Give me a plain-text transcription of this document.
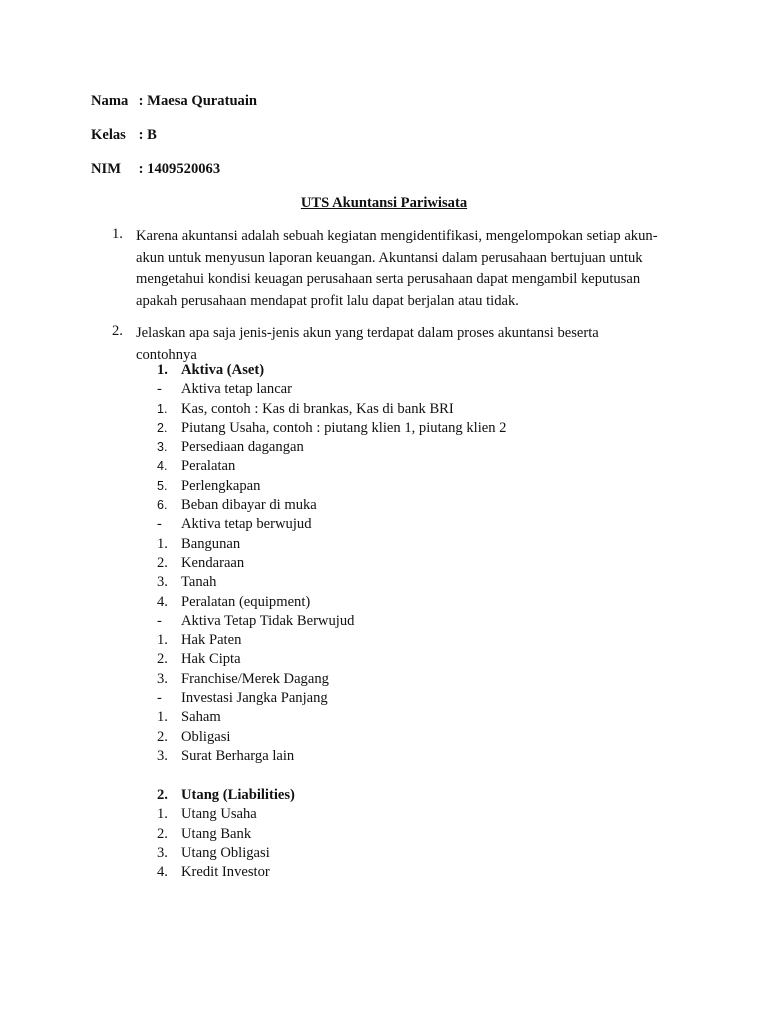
Nama : Maesa Quratuain
Kelas : B
NIM : 1409520063
UTS Akuntansi Pariwisata
1. Karena akuntansi adalah sebuah kegiatan mengidentifikasi, mengelompokan setiap akun-

akun untuk menyusun laporan keuangan. Akuntansi dalam perusahaan bertujuan untuk

mengetahui kondisi keuagan perusahaan serta perusahaan dapat mengambil keputusan

apakah perusahaan mendapat profit lalu dapat berjalan atau tidak.

2. Jelaskan apa saja jenis-jenis akun yang terdapat dalam proses akuntansi beserta

contohnya

1. Aktiva (Aset)
- Aktiva tetap lancar
1. Kas, contoh : Kas di brankas, Kas di bank BRI
2. Piutang Usaha, contoh : piutang klien 1, piutang klien 2
3. Persediaan dagangan
4. Peralatan
5. Perlengkapan
6. Beban dibayar di muka
- Aktiva tetap berwujud
1. Bangunan
2. Kendaraan
3. Tanah
4. Peralatan (equipment)
- Aktiva Tetap Tidak Berwujud
1. Hak Paten
2. Hak Cipta
3. Franchise/Merek Dagang
- Investasi Jangka Panjang
1. Saham
2. Obligasi
3. Surat Berharga lain
2. Utang (Liabilities)
1. Utang Usaha
2. Utang Bank
3. Utang Obligasi
4. Kredit Investor
